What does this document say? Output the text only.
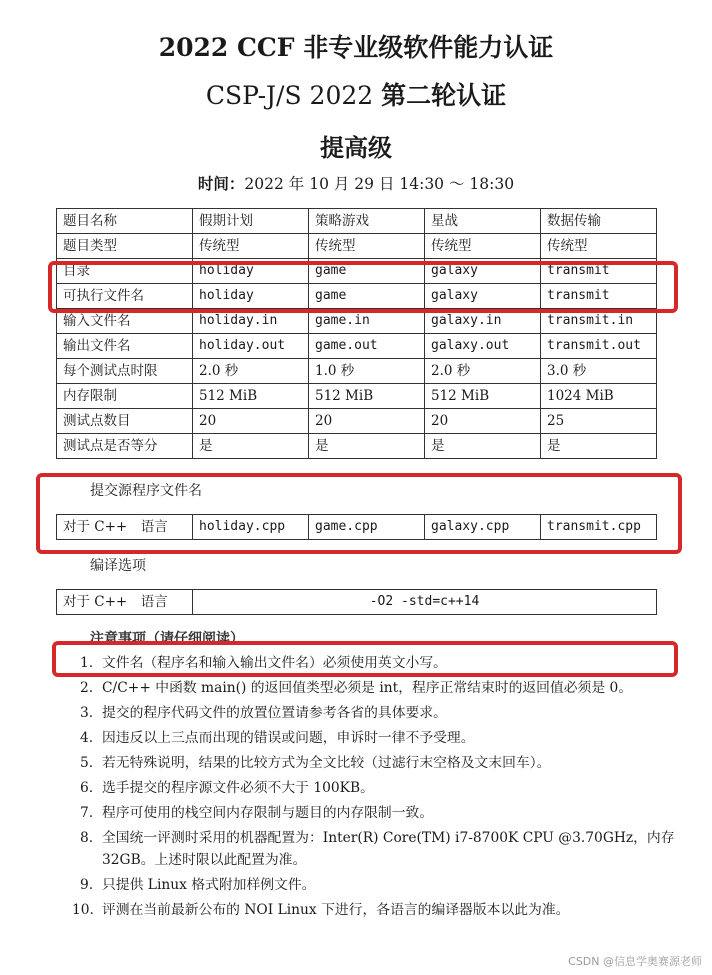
2022 CCF 非专业级软件能力认证
CSP-J/S 2022 第二轮认证
提高级
时间：2022 年 10 月 29 日 14:30 ～ 18:30
题目名称	假期计划	策略游戏	星战	数据传输
题目类型	传统型	传统型	传统型	传统型
目录	holiday	game	galaxy	transmit
可执行文件名	holiday	game	galaxy	transmit
输入文件名	holiday.in	game.in	galaxy.in	transmit.in
输出文件名	holiday.out	game.out	galaxy.out	transmit.out
每个测试点时限	2.0 秒	1.0 秒	2.0 秒	3.0 秒
内存限制	512 MiB	512 MiB	512 MiB	1024 MiB
测试点数目	20	20	20	25
测试点是否等分	是	是	是	是
提交源程序文件名
对于 C++　语言	holiday.cpp	game.cpp	galaxy.cpp	transmit.cpp
编译选项
对于 C++　语言	-O2 -std=c++14
注意事项（请仔细阅读）
1. 文件名（程序名和输入输出文件名）必须使用英文小写。
2. C/C++ 中函数 main() 的返回值类型必须是 int，程序正常结束时的返回值必须是 0。
3. 提交的程序代码文件的放置位置请参考各省的具体要求。
4. 因违反以上三点而出现的错误或问题，申诉时一律不予受理。
5. 若无特殊说明，结果的比较方式为全文比较（过滤行末空格及文末回车）。
6. 选手提交的程序源文件必须不大于 100KB。
7. 程序可使用的栈空间内存限制与题目的内存限制一致。
8. 全国统一评测时采用的机器配置为：Inter(R) Core(TM) i7-8700K CPU @3.70GHz，内存 32GB。上述时限以此配置为准。
9. 只提供 Linux 格式附加样例文件。
10. 评测在当前最新公布的 NOI Linux 下进行，各语言的编译器版本以此为准。
CSDN @信息学奥赛源老师
